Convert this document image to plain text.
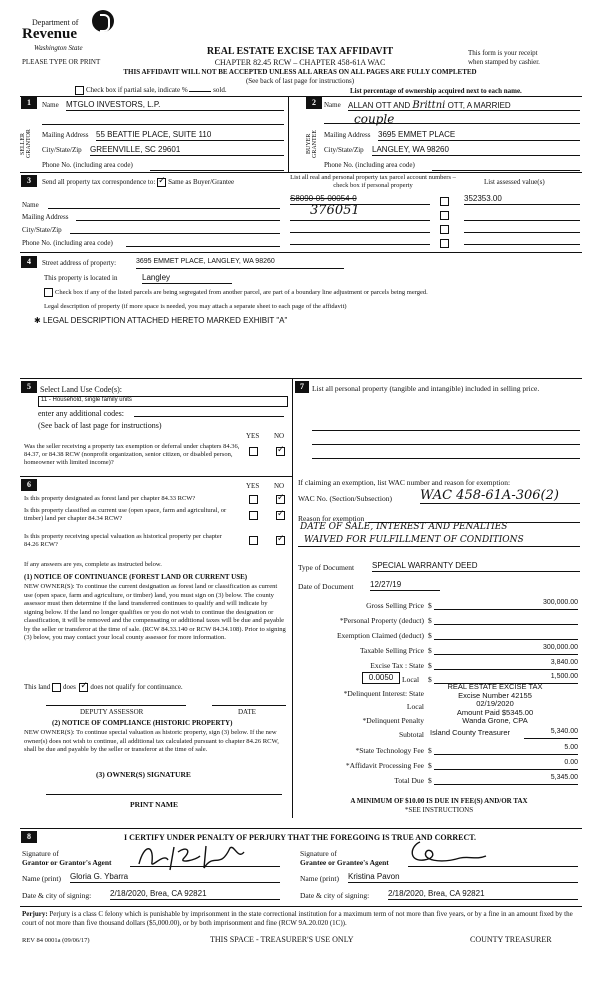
Department of
Revenue
Washington State
PLEASE TYPE OR PRINT
REAL ESTATE EXCISE TAX AFFIDAVIT
CHAPTER 82.45 RCW – CHAPTER 458-61A WAC
THIS AFFIDAVIT WILL NOT BE ACCEPTED UNLESS ALL AREAS ON ALL PAGES ARE FULLY COMPLETED
(See back of last page for instructions)
This form is your receipt
when stamped by cashier.
Check box if partial sale, indicate %	sold.	List percentage of ownership acquired next to each name.
1
SELLER GRANTOR
Name MTGLO INVESTORS, L.P.
Mailing Address 55 BEATTIE PLACE, SUITE 110
City/State/Zip GREENVILLE, SC 29601
Phone No. (including area code)
2
BUYER GRANTEE
Name ALLAN OTT AND Brittni OTT, A MARRIED
couple
Mailing Address 3695 EMMET PLACE
City/State/Zip LANGLEY, WA 98260
Phone No. (including area code)
3	Send all property tax correspondence to: ✓ Same as Buyer/Grantee
Name
Mailing Address
City/State/Zip
Phone No. (including area code)
List all real and personal property tax parcel account numbers – check box if personal property	List assessed value(s)
S8090-05-00054-0
376051
352353.00
4	Street address of property:	3695 EMMET PLACE, LANGLEY, WA 98260
This property is located in	Langley
Check box if any of the listed parcels are being segregated from another parcel, are part of a boundary line adjustment or parcels being merged.
Legal description of property (if more space is needed, you may attach a separate sheet to each page of the affidavit)
✱ LEGAL DESCRIPTION ATTACHED HERETO MARKED EXHIBIT "A"
5	Select Land Use Code(s):
11 - Household, single family units
enter any additional codes:
(See back of last page for instructions)
YES NO
Was the seller receiving a property tax exemption or deferral under chapters 84.36, 84.37, or 84.38 RCW (nonprofit organization, senior citizen, or disabled person, homeowner with limited income)?
✓
6	YES NO
Is this property designated as forest land per chapter 84.33 RCW?
✓
Is this property classified as current use (open space, farm and agricultural, or timber) land per chapter 84.34 RCW?
✓
Is this property receiving special valuation as historical property per chapter 84.26 RCW?
✓
If any answers are yes, complete as instructed below.
(1) NOTICE OF CONTINUANCE (FOREST LAND OR CURRENT USE)
NEW OWNER(S): To continue the current designation as forest land or classification as current use (open space, farm and agriculture, or timber) land, you must sign on (3) below. The county assessor must then determine if the land transferred continues to qualify and will indicate by signing below. If the land no longer qualifies or you do not wish to continue the designation or classification, it will be removed and the compensating or additional taxes will be due and payable by the seller or transferor at the time of sale. (RCW 84.33.140 or RCW 84.34.108). Prior to signing (3) below, you may contact your local county assessor for more information.
This land does ✓ does not qualify for continuance.
DEPUTY ASSESSOR	DATE
(2) NOTICE OF COMPLIANCE (HISTORIC PROPERTY)
NEW OWNER(S): To continue special valuation as historic property, sign (3) below. If the new owner(s) does not wish to continue, all additional tax calculated pursuant to chapter 84.26 RCW, shall be due and payable by the seller or transferor at the time of sale.
(3) OWNER(S) SIGNATURE
PRINT NAME
7	List all personal property (tangible and intangible) included in selling price.
If claiming an exemption, list WAC number and reason for exemption:
WAC No. (Section/Subsection) WAC 458-61A-306(2)
Reason for exemption
DATE OF SALE, INTEREST AND PENALTIES
WAIVED FOR FULFILLMENT OF CONDITIONS
Type of Document SPECIAL WARRANTY DEED
Date of Document 12/27/19
Gross Selling Price $	300,000.00
*Personal Property (deduct) $
Exemption Claimed (deduct) $
Taxable Selling Price $	300,000.00
Excise Tax : State $	3,840.00
0.0050	Local $	1,500.00
*Delinquent Interest: State
REAL ESTATE EXCISE TAX
Excise Number 42155
02/19/2020
Amount Paid $5345.00
Wanda Grone, CPA
Local
*Delinquent Penalty
Subtotal Island County Treasurer	5,340.00
*State Technology Fee $	5.00
*Affidavit Processing Fee $	0.00
Total Due $	5,345.00
A MINIMUM OF $10.00 IS DUE IN FEE(S) AND/OR TAX
*SEE INSTRUCTIONS
8	I CERTIFY UNDER PENALTY OF PERJURY THAT THE FOREGOING IS TRUE AND CORRECT.
Signature of
Grantor or Grantor's Agent
Signature of
Grantee or Grantee's Agent
Name (print) Gloria G. Ybarra	Name (print) Kristina Pavon
Date & city of signing: 2/18/2020, Brea, CA 92821	Date & city of signing: 2/18/2020, Brea, CA 92821
Perjury: Perjury is a class C felony which is punishable by imprisonment in the state correctional institution for a maximum term of not more than five years, or by a fine in an amount fixed by the court of not more than five thousand dollars ($5,000.00), or by both imprisonment and fine (RCW 9A.20.020 (1C)).
REV 84 0001a (09/06/17)	THIS SPACE - TREASURER'S USE ONLY	COUNTY TREASURER
